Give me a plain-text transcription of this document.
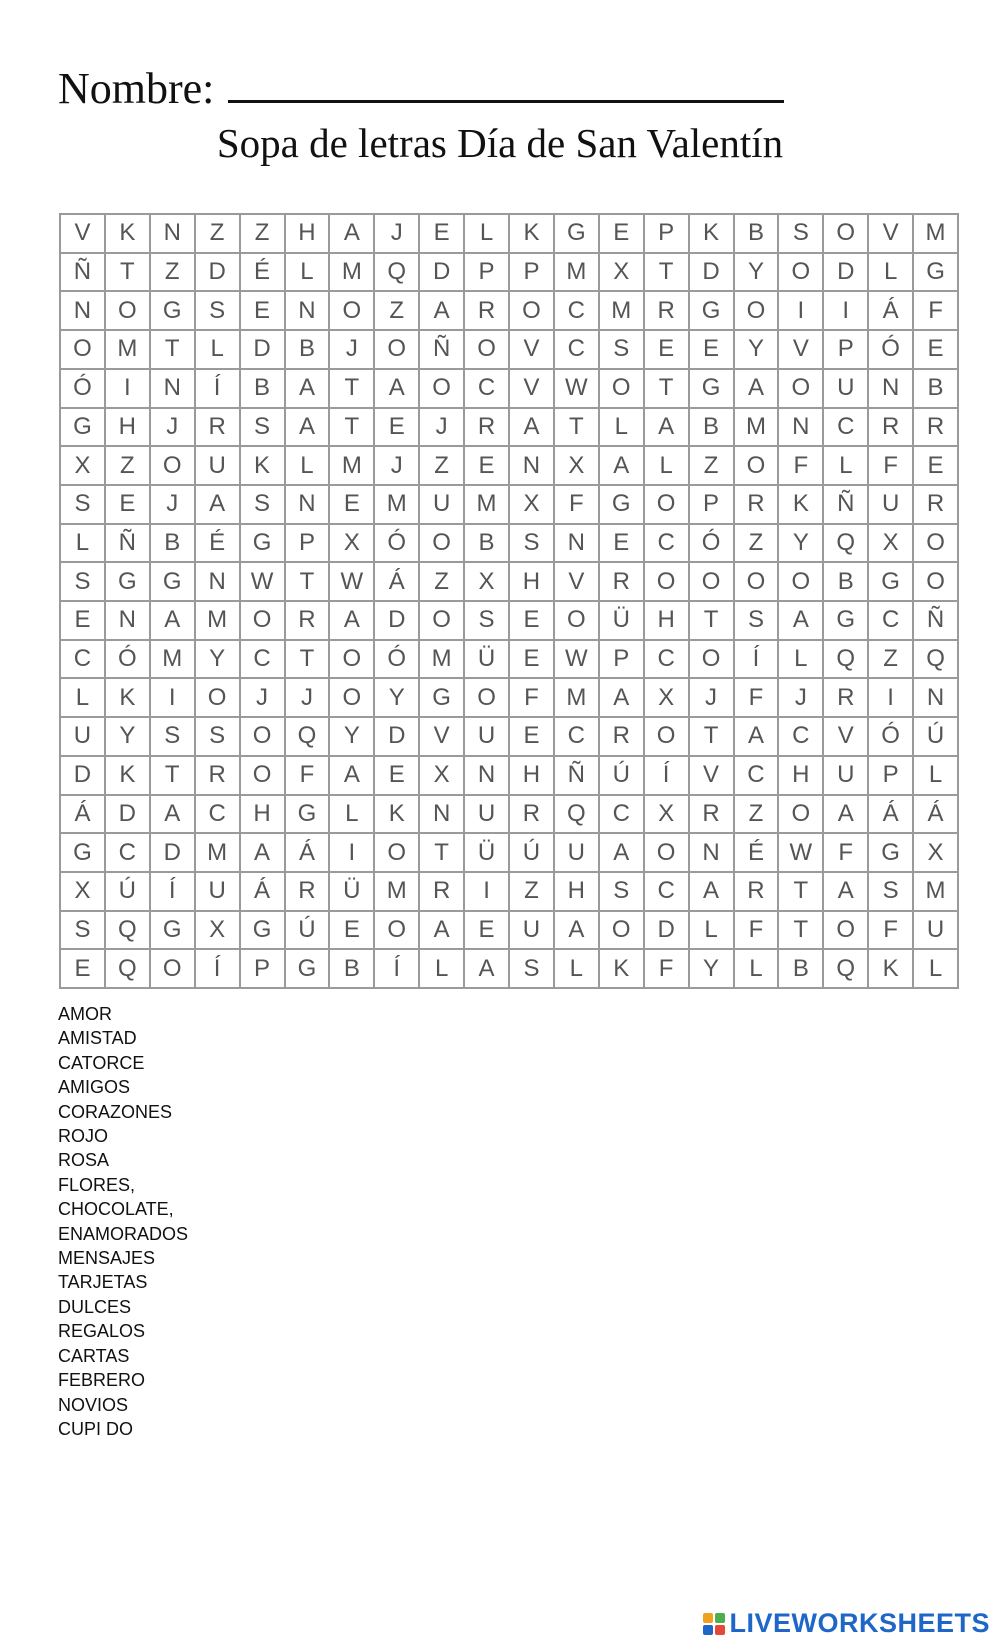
Nombre:
Sopa de letras Día de San Valentín
V	K	N	Z	Z	H	A	J	E	L	K	G	E	P	K	B	S	O	V	M
Ñ	T	Z	D	É	L	M	Q	D	P	P	M	X	T	D	Y	O	D	L	G
N	O	G	S	E	N	O	Z	A	R	O	C	M	R	G	O	I	I	Á	F
O	M	T	L	D	B	J	O	Ñ	O	V	C	S	E	E	Y	V	P	Ó	E
Ó	I	N	Í	B	A	T	A	O	C	V	W	O	T	G	A	O	U	N	B
G	H	J	R	S	A	T	E	J	R	A	T	L	A	B	M	N	C	R	R
X	Z	O	U	K	L	M	J	Z	E	N	X	A	L	Z	O	F	L	F	E
S	E	J	A	S	N	E	M	U	M	X	F	G	O	P	R	K	Ñ	U	R
L	Ñ	B	É	G	P	X	Ó	O	B	S	N	E	C	Ó	Z	Y	Q	X	O
S	G	G	N	W	T	W	Á	Z	X	H	V	R	O	O	O	O	B	G	O
E	N	A	M	O	R	A	D	O	S	E	O	Ü	H	T	S	A	G	C	Ñ
C	Ó	M	Y	C	T	O	Ó	M	Ü	E	W	P	C	O	Í	L	Q	Z	Q
L	K	I	O	J	J	O	Y	G	O	F	M	A	X	J	F	J	R	I	N
U	Y	S	S	O	Q	Y	D	V	U	E	C	R	O	T	A	C	V	Ó	Ú
D	K	T	R	O	F	A	E	X	N	H	Ñ	Ú	Í	V	C	H	U	P	L
Á	D	A	C	H	G	L	K	N	U	R	Q	C	X	R	Z	O	A	Á	Á
G	C	D	M	A	Á	I	O	T	Ü	Ú	U	A	O	N	É	W	F	G	X
X	Ú	Í	U	Á	R	Ü	M	R	I	Z	H	S	C	A	R	T	A	S	M
S	Q	G	X	G	Ú	E	O	A	E	U	A	O	D	L	F	T	O	F	U
E	Q	O	Í	P	G	B	Í	L	A	S	L	K	F	Y	L	B	Q	K	L
AMOR
AMISTAD
CATORCE
AMIGOS
CORAZONES
ROJO
ROSA
FLORES,
CHOCOLATE,
ENAMORADOS
MENSAJES
TARJETAS
DULCES
REGALOS
CARTAS
FEBRERO
NOVIOS
CUPI DO
LIVEWORKSHEETS
